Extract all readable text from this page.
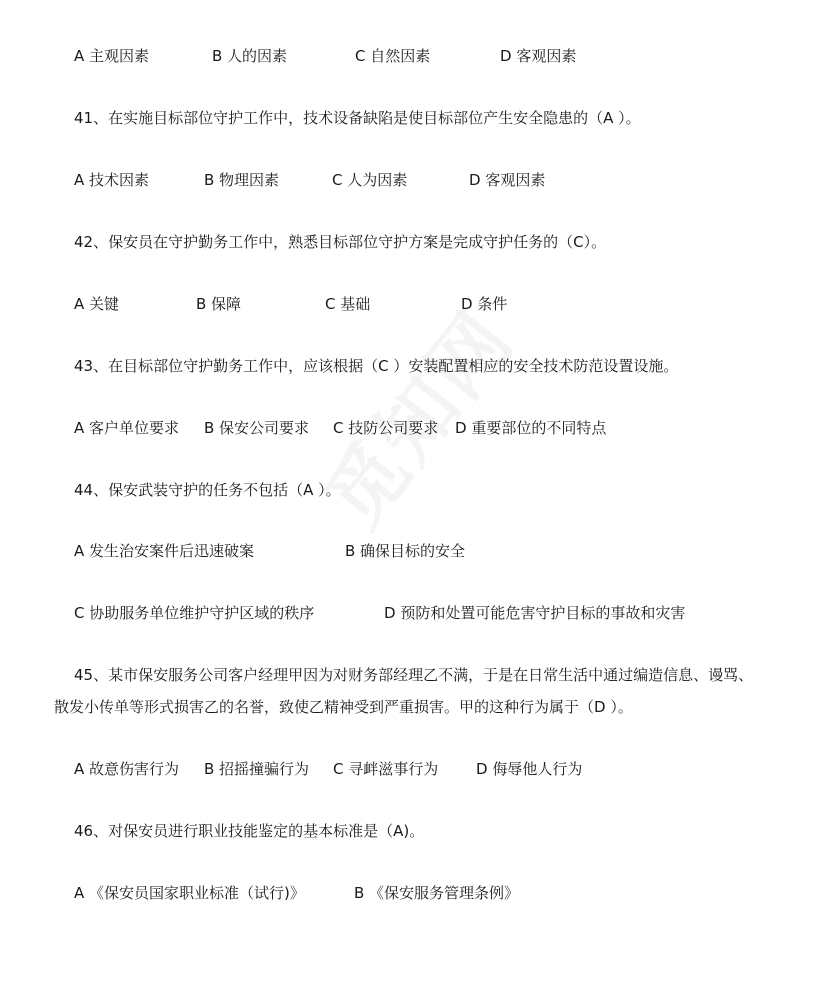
A 主观因素	B 人的因素	C 自然因素	D 客观因素
41、在实施目标部位守护工作中，技术设备缺陷是使目标部位产生安全隐患的（A ）。
A 技术因素	B 物理因素	C 人为因素	D 客观因素
42、保安员在守护勤务工作中，熟悉目标部位守护方案是完成守护任务的（C）。
A 关键	B 保障	C 基础	D 条件
43、在目标部位守护勤务工作中，应该根据（C ）安装配置相应的安全技术防范设置设施。
A 客户单位要求 B 保安公司要求 C 技防公司要求 D 重要部位的不同特点
44、保安武装守护的任务不包括（A ）。
A 发生治安案件后迅速破案	B 确保目标的安全
C 协助服务单位维护守护区域的秩序	D 预防和处置可能危害守护目标的事故和灾害
45、某市保安服务公司客户经理甲因为对财务部经理乙不满，于是在日常生活中通过编造信息、谩骂、
散发小传单等形式损害乙的名誉，致使乙精神受到严重损害。甲的这种行为属于（D ）。
A 故意伤害行为 B 招摇撞骗行为 C 寻衅滋事行为	D 侮辱他人行为
46、对保安员进行职业技能鉴定的基本标准是（A)。
A 《保安员国家职业标准（试行)》	B 《保安服务管理条例》
